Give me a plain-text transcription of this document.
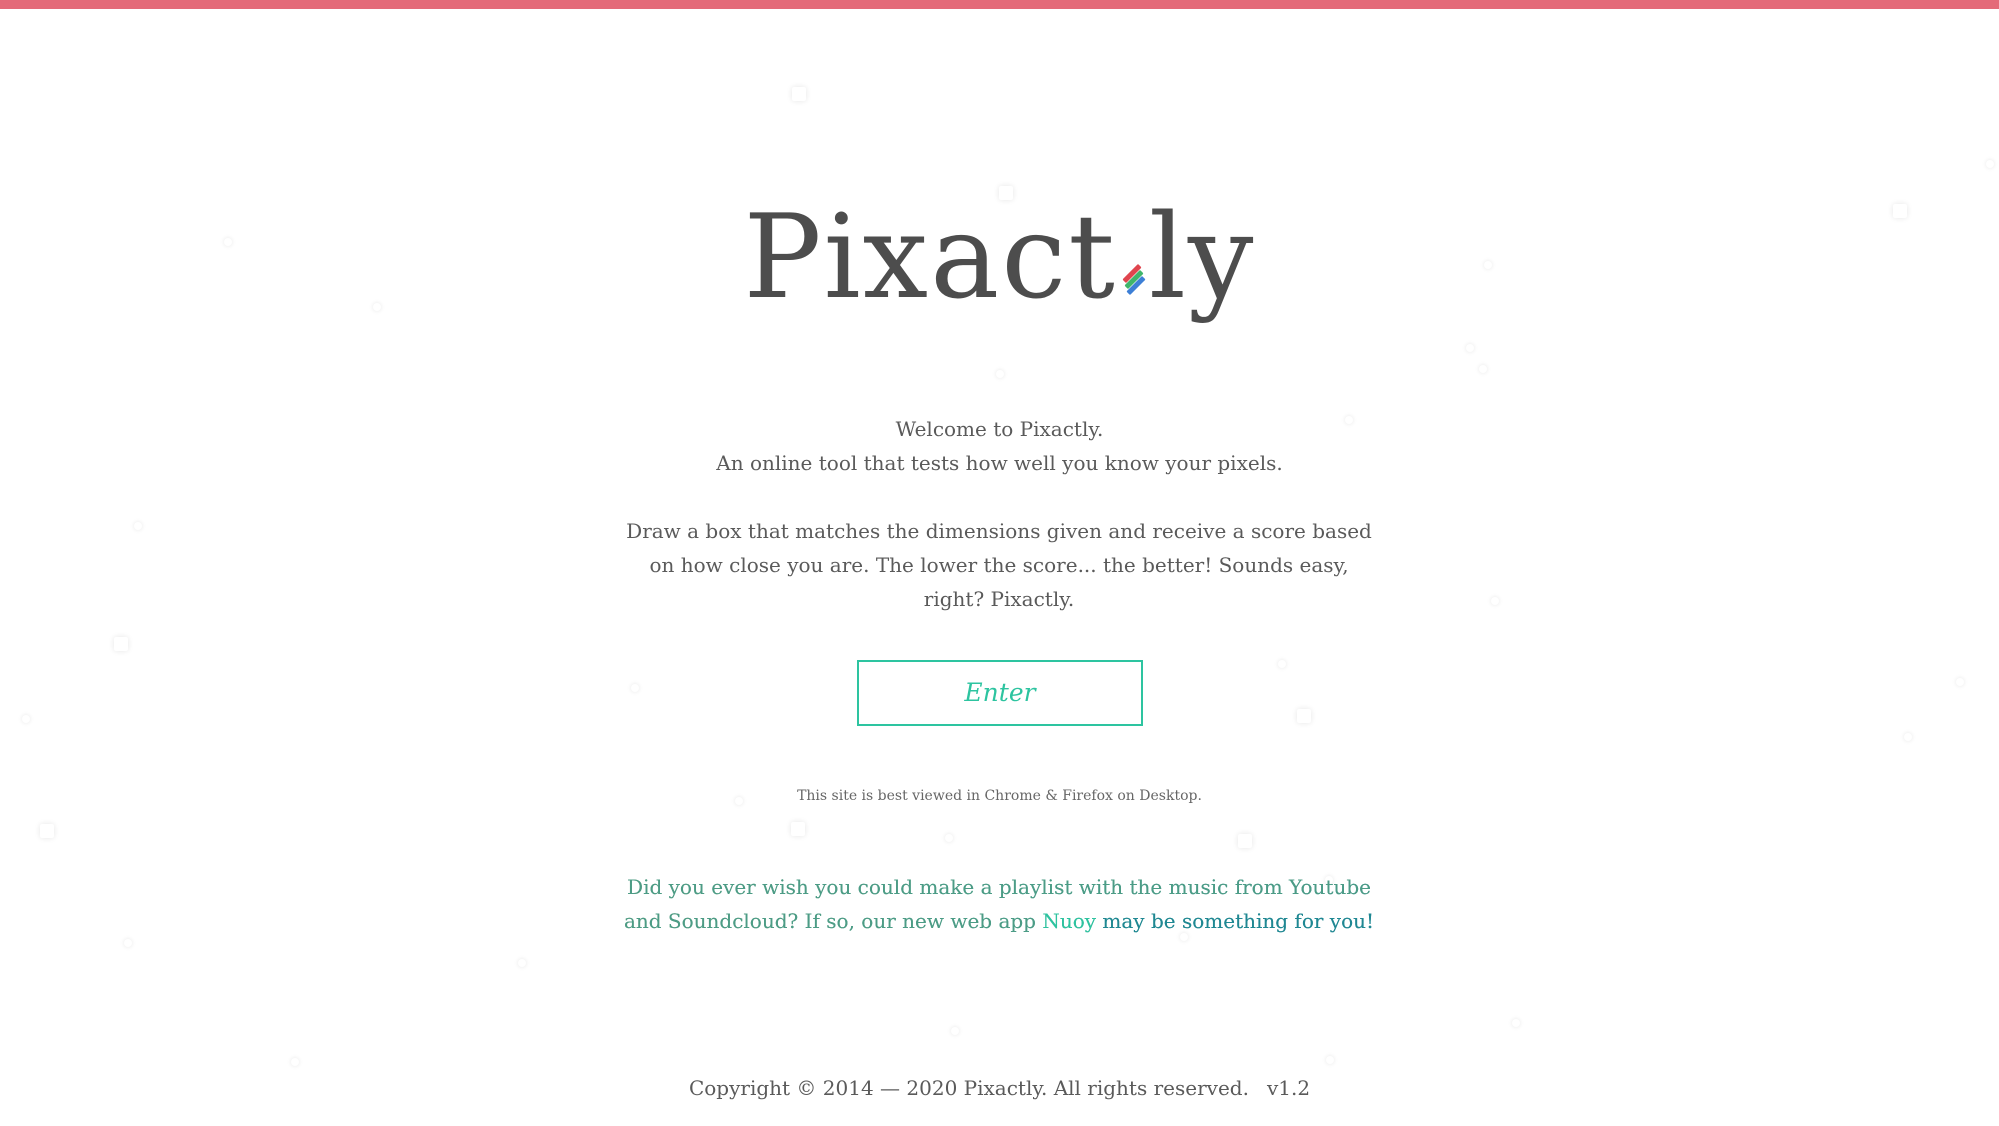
Pixact ly
Welcome to Pixactly.
An online tool that tests how well you know your pixels.
Draw a box that matches the dimensions given and receive a score based on how close you are. The lower the score... the better! Sounds easy, right? Pixactly.
Enter
This site is best viewed in Chrome & Firefox on Desktop.
Did you ever wish you could make a playlist with the music from Youtube and Soundcloud? If so, our new web app Nuoy may be something for you!
Copyright © 2014 — 2020 Pixactly. All rights reserved. v1.2
